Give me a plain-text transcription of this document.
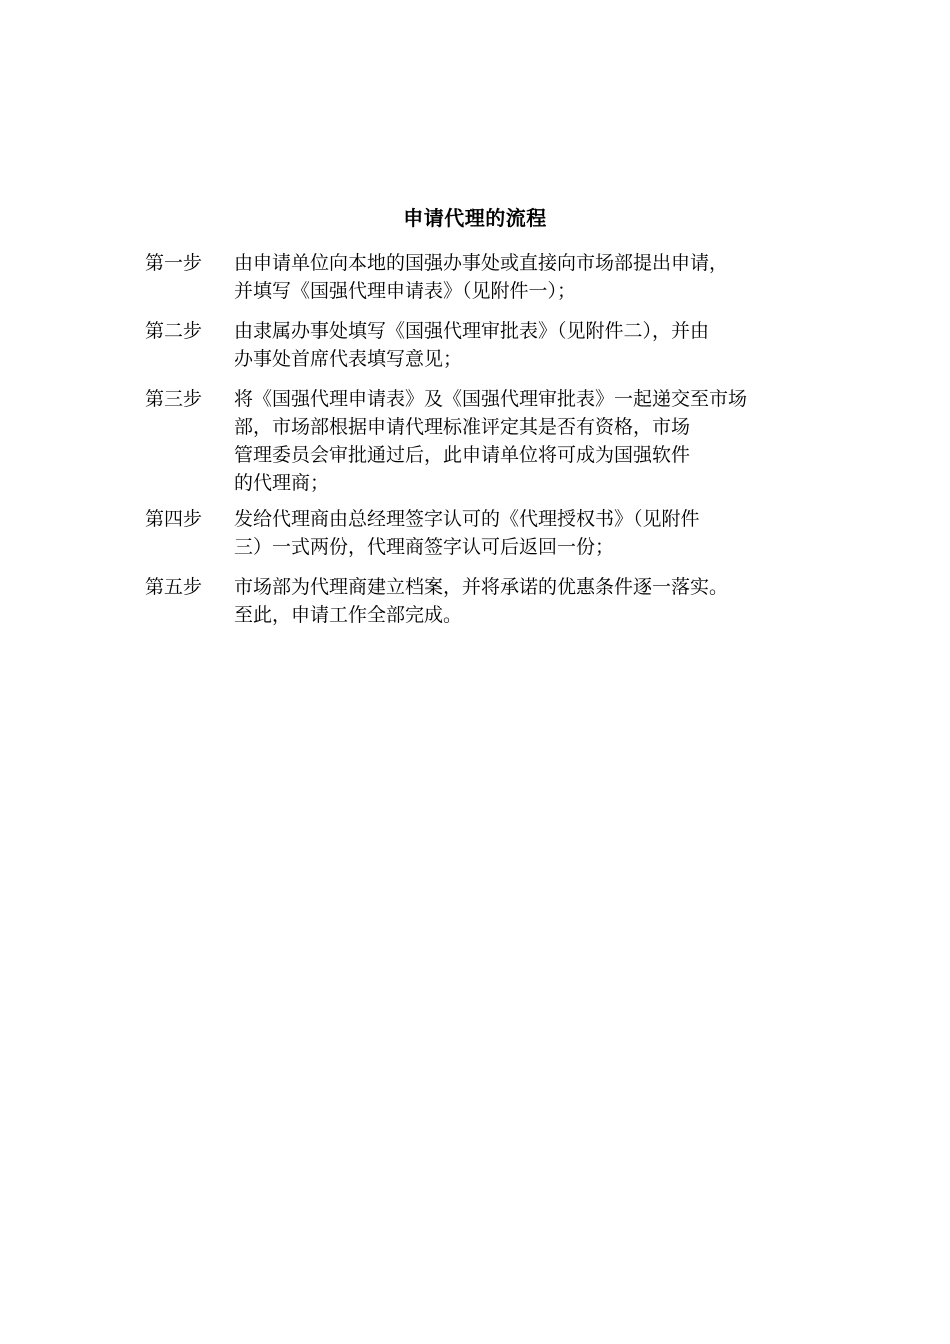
申请代理的流程
第一步 由申请单位向本地的国强办事处或直接向市场部提出申请，
并填写《国强代理申请表》（见附件一）；
第二步 由隶属办事处填写《国强代理审批表》（见附件二），并由
办事处首席代表填写意见；
第三步 将《国强代理申请表》及《国强代理审批表》一起递交至市场
部，市场部根据申请代理标准评定其是否有资格，市场
管理委员会审批通过后，此申请单位将可成为国强软件
的代理商；
第四步 发给代理商由总经理签字认可的《代理授权书》（见附件
三）一式两份，代理商签字认可后返回一份；
第五步 市场部为代理商建立档案，并将承诺的优惠条件逐一落实。
至此，申请工作全部完成。
